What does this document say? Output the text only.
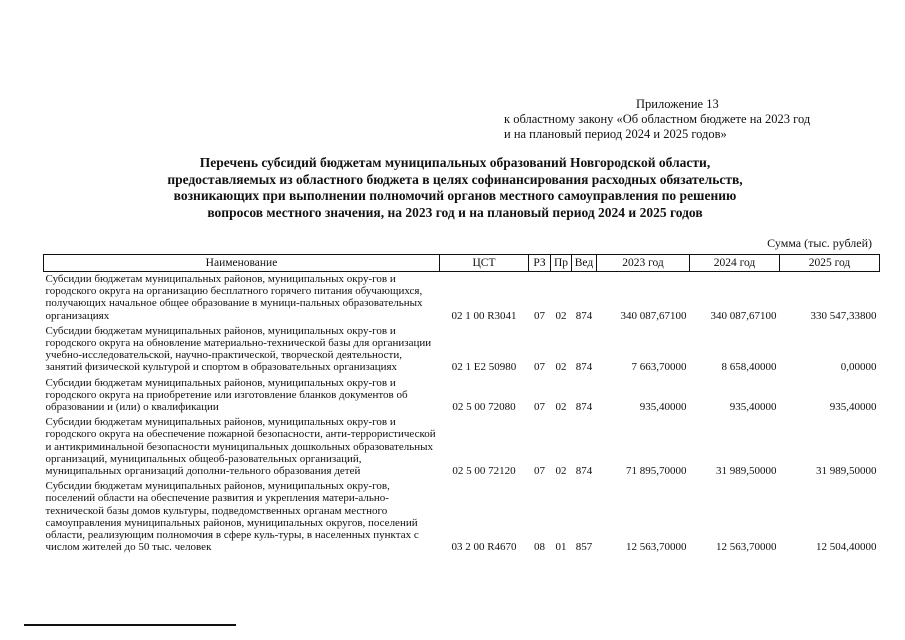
Приложение 13
к областному закону «Об областном бюджете на 2023 год
и на плановый период 2024 и 2025 годов»
Перечень субсидий бюджетам муниципальных образований Новгородской области,
предоставляемых из областного бюджета в целях софинансирования расходных обязательств,
возникающих при выполнении полномочий органов местного самоуправления по решению
вопросов местного значения, на 2023 год и на плановый период 2024 и 2025 годов
Сумма (тыс. рублей)
Наименование	ЦСТ	РЗ	Пр	Вед	2023 год	2024 год	2025 год
Субсидии бюджетам муниципальных районов, муниципальных окру-гов и городского округа на организацию бесплатного горячего питания обучающихся, получающих начальное общее образование в муници-пальных образовательных организациях	02 1 00 R3041	07	02	874	340 087,67100	340 087,67100	330 547,33800
Субсидии бюджетам муниципальных районов, муниципальных окру-гов и городского округа на обновление материально-технической базы для организации учебно-исследовательской, научно-практической, творческой деятельности, занятий физической культурой и спортом в образовательных организациях	02 1 Е2 50980	07	02	874	7 663,70000	8 658,40000	0,00000
Субсидии бюджетам муниципальных районов, муниципальных окру-гов и городского округа на приобретение или изготовление бланков документов об образовании и (или) о квалификации	02 5 00 72080	07	02	874	935,40000	935,40000	935,40000
Субсидии бюджетам муниципальных районов, муниципальных окру-гов и городского округа на обеспечение пожарной безопасности, анти-террористической и антикриминальной безопасности муниципальных дошкольных образовательных организаций, муниципальных общеоб-разовательных организаций, муниципальных организаций дополни-тельного образования детей	02 5 00 72120	07	02	874	71 895,70000	31 989,50000	31 989,50000
Субсидии бюджетам муниципальных районов, муниципальных окру-гов, поселений области на обеспечение развития и укрепления матери-ально-технической базы домов культуры, подведомственных органам местного самоуправления муниципальных районов, муниципальных округов, поселений области, реализующим полномочия в сфере куль-туры, в населенных пунктах с числом жителей до 50 тыс. человек	03 2 00 R4670	08	01	857	12 563,70000	12 563,70000	12 504,40000
